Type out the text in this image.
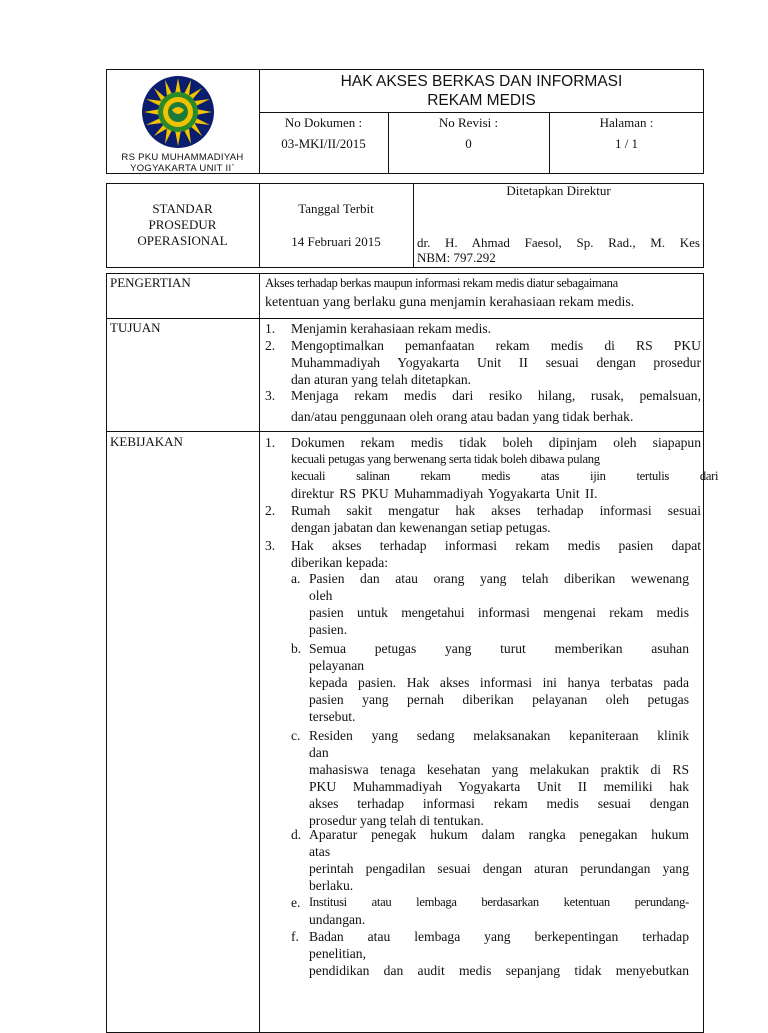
RS PKU MUHAMMADIYAH
YOGYAKARTA UNIT II`
HAK AKSES BERKAS DAN INFORMASI
REKAM MEDIS
No Dokumen :
03-MKI/II/2015
No Revisi :
0
Halaman :
1 / 1
STANDAR
PROSEDUR
OPERASIONAL
Tanggal Terbit
14 Februari 2015
Ditetapkan Direktur
dr. H. Ahmad Faesol, Sp. Rad., M. Kes
NBM: 797.292
PENGERTIAN	Akses terhadap berkas maupun informasi rekam medis diatur sebagaimana
ketentuan yang berlaku guna menjamin kerahasiaan rekam medis.
TUJUAN	1.	Menjamin kerahasiaan rekam medis.
2.	Mengoptimalkan pemanfaatan rekam medis di RS PKU
Muhammadiyah Yogyakarta Unit II sesuai dengan prosedur
dan aturan yang telah ditetapkan.
3.	Menjaga rekam medis dari resiko hilang, rusak, pemalsuan,
dan/atau penggunaan oleh orang atau badan yang tidak berhak.
KEBIJAKAN	1.	Dokumen rekam medis tidak boleh dipinjam oleh siapapun
kecuali petugas yang berwenang serta tidak boleh dibawa pulang
kecuali salinan rekam medis atas ijin tertulis dari
direktur RS PKU Muhammadiyah Yogyakarta Unit II.
2.	Rumah sakit mengatur hak akses terhadap informasi sesuai
dengan jabatan dan kewenangan setiap petugas.
3.	Hak akses terhadap informasi rekam medis pasien dapat
diberikan kepada:
a. Pasien dan atau orang yang telah diberikan wewenang
oleh
pasien untuk mengetahui informasi mengenai rekam medis
pasien.
b. Semua petugas yang turut memberikan asuhan
pelayanan
kepada pasien. Hak akses informasi ini hanya terbatas pada
pasien yang pernah diberikan pelayanan oleh petugas
tersebut.
c. Residen yang sedang melaksanakan kepaniteraan klinik
dan
mahasiswa tenaga kesehatan yang melakukan praktik di RS
PKU Muhammadiyah Yogyakarta Unit II memiliki hak
akses terhadap informasi rekam medis sesuai dengan
prosedur yang telah di tentukan.
d. Aparatur penegak hukum dalam rangka penegakan hukum
atas
perintah pengadilan sesuai dengan aturan perundangan yang
berlaku.
e. Institusi atau lembaga berdasarkan ketentuan perundang-
undangan.
f. Badan atau lembaga yang berkepentingan terhadap
penelitian,
pendidikan dan audit medis sepanjang tidak menyebutkan
